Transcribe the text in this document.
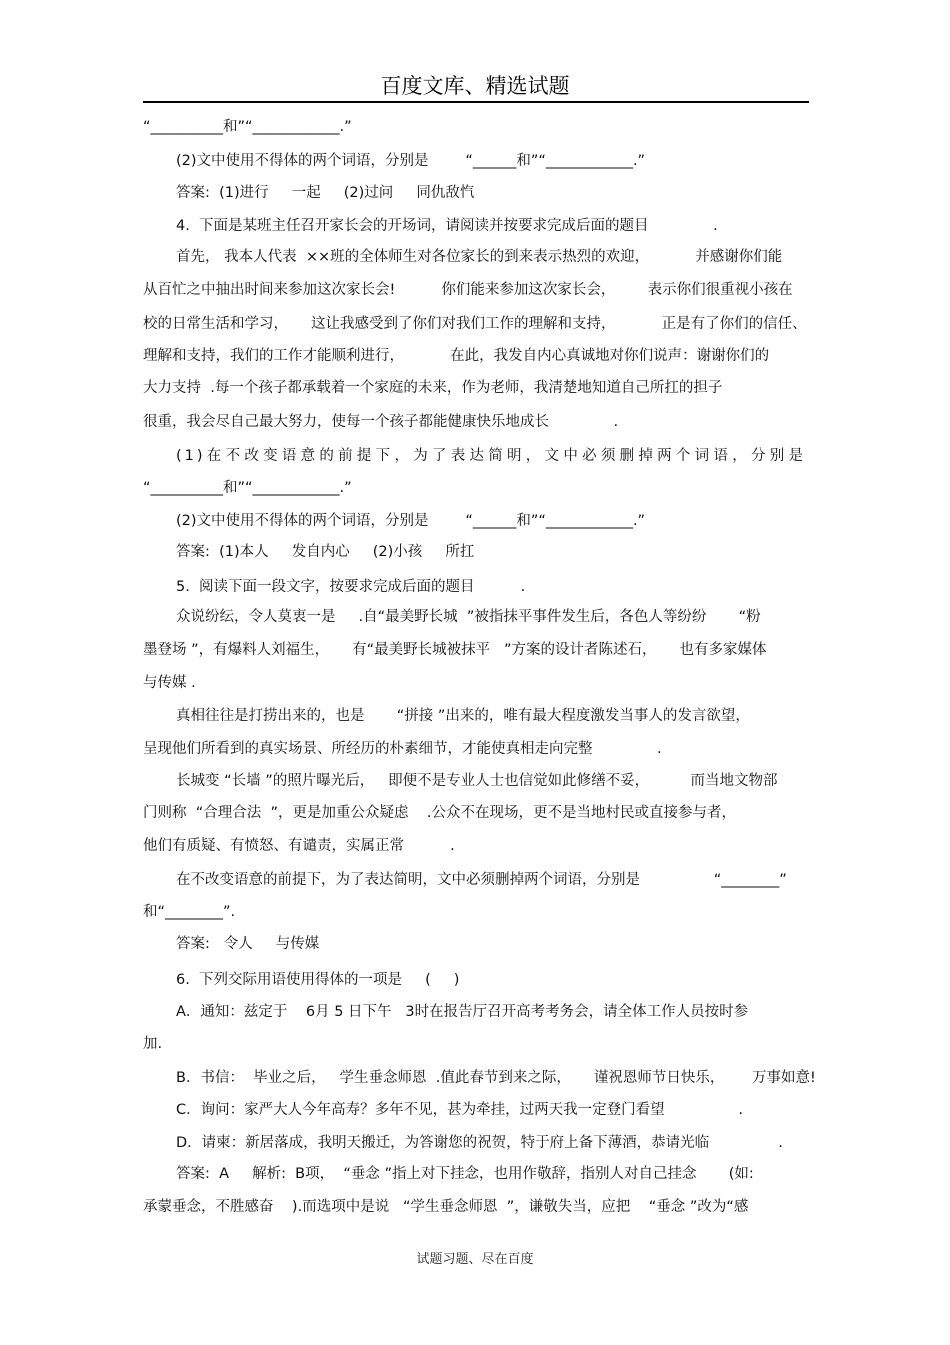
百度文库、精选试题
“__________和”“____________.”
(2)文中使用不得体的两个词语，分别是        “______和”“____________.”
答案:  (1)进行     一起     (2)过问     同仇敌忾
4.  下面是某班主任召开家长会的开场词，请阅读并按要求完成后面的题目              .
首先， 我本人代表  ××班的全体师生对各位家长的到来表示热烈的欢迎，          并感谢你们能
从百忙之中抽出时间来参加这次家长会!          你们能来参加这次家长会，       表示你们很重视小孩在
校的日常生活和学习，     这让我感受到了你们对我们工作的理解和支持，          正是有了你们的信任、
理解和支持，我们的工作才能顺利进行，          在此，我发自内心真诚地对你们说声：谢谢你们的
大力支持  .每一个孩子都承载着一个家庭的未来，作为老师，我清楚地知道自己所扛的担子
很重，我会尽自己最大努力，使每一个孩子都能健康快乐地成长              .
(1)在不改变语意的前提下，为了表达简明，文中必须删掉两个词语，分别是
“__________和”“____________.”
(2)文中使用不得体的两个词语，分别是        “______和”“____________.”
答案:  (1)本人     发自内心     (2)小孩     所扛
5.  阅读下面一段文字，按要求完成后面的题目          .
众说纷纭，令人莫衷一是     .自“最美野长城  ”被指抹平事件发生后，各色人等纷纷       “粉
墨登场 ”，有爆料人刘福生，     有“最美野长城被抹平   ”方案的设计者陈述石，     也有多家媒体
与传媒 .
真相往往是打捞出来的，也是       “拼接 ”出来的，唯有最大程度激发当事人的发言欲望，
呈现他们所看到的真实场景、所经历的朴素细节，才能使真相走向完整              .
长城变 “长墙 ”的照片曝光后，   即便不是专业人士也信觉如此修缮不妥，         而当地文物部
门则称  “合理合法  ”，更是加重公众疑虑    .公众不在现场，更不是当地村民或直接参与者，
他们有质疑、有愤怒、有谴责，实属正常          .
在不改变语意的前提下，为了表达简明，文中必须删掉两个词语，分别是                “________”
和“________”.
答案:   令人     与传媒
6.  下列交际用语使用得体的一项是     (     )
A．通知：兹定于    6月 5 日下午   3时在报告厅召开高考考务会，请全体工作人员按时参
加.
B．书信：  毕业之后，   学生垂念师恩  .值此春节到来之际，     谨祝恩师节日快乐，      万事如意!
C．询问：家严大人今年高寿？多年不见，甚为牵挂，过两天我一定登门看望                .
D．请柬：新居落成，我明天搬迁，为答谢您的祝贺，特于府上备下薄酒，恭请光临               .
答案:  A     解析:  B项，  “垂念 ”指上对下挂念，也用作敬辞，指别人对自己挂念       (如:
承蒙垂念，不胜感奋    ).而选项中是说   “学生垂念师恩  ”，谦敬失当，应把    “垂念 ”改为“感
试题习题、尽在百度
